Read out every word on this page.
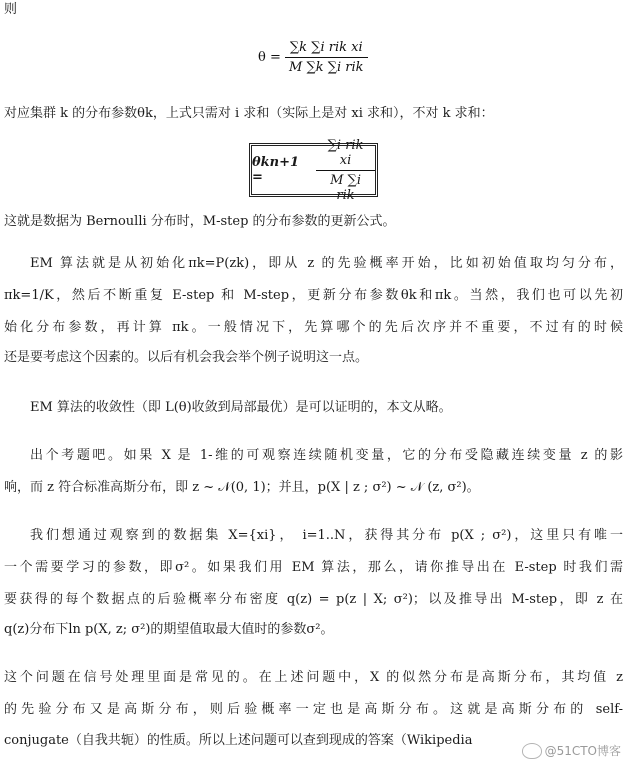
则
$\theta = \frac{\text{∑k ∑i rik xi}}{\text{M ∑k ∑i rik}}$
对应集群 k 的分布参数θk，上式只需对 i 求和（实际上是对 xi 求和），不对 k 求和：
θkn+1 =	$\frac{\text{∑i rik xi}}{\text{M ∑i rik}}$
这就是数据为 Bernoulli 分布时，M-step 的分布参数的更新公式。
EM 算法就是从初始化πk=P(zk)，即从 z 的先验概率开始，比如初始值取均匀分布，
πk=1/K，然后不断重复 E-step 和 M-step，更新分布参数θk和πk。当然，我们也可以先初
始化分布参数，再计算 πk。一般情况下，先算哪个的先后次序并不重要，不过有的时候
还是要考虑这个因素的。以后有机会我会举个例子说明这一点。
EM 算法的收敛性（即 L(θ)收敛到局部最优）是可以证明的，本文从略。
出个考题吧。如果 X 是 1-维的可观察连续随机变量，它的分布受隐藏连续变量 z 的影
响，而 z 符合标准高斯分布，即 z ~ 𝒩(0, 1)；并且，p(X | z ; σ²) ~ 𝒩 (z, σ²)。
我们想通过观察到的数据集 X={xi}， i=1..N，获得其分布 p(X ; σ²)，这里只有唯一
一个需要学习的参数，即σ²。如果我们用 EM 算法，那么，请你推导出在 E-step 时我们需
要获得的每个数据点的后验概率分布密度 q(z) = p(z | X; σ²)；以及推导出 M-step，即 z 在
q(z)分布下ln p(X, z; σ²)的期望值取最大值时的参数σ²。
这个问题在信号处理里面是常见的。在上述问题中，X 的似然分布是高斯分布，其均值 z
的先验分布又是高斯分布，则后验概率一定也是高斯分布。这就是高斯分布的 self-
conjugate（自我共轭）的性质。所以上述问题可以查到现成的答案（Wikipedia
@51CTO博客
